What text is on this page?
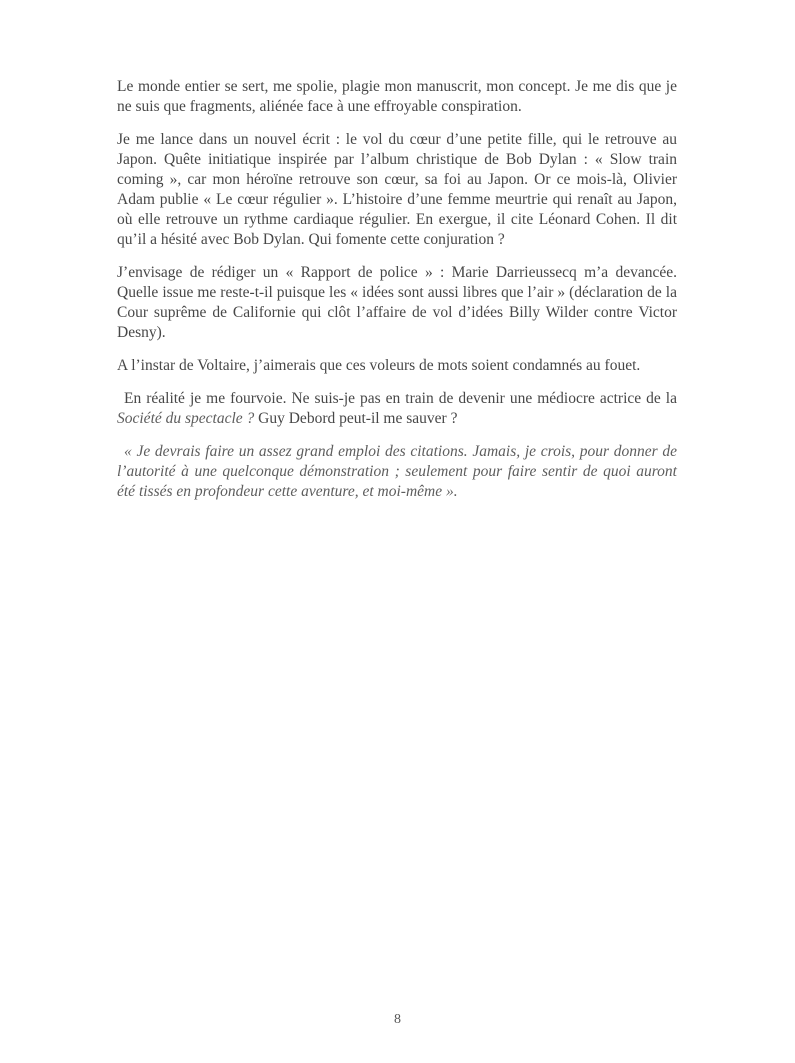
Le monde entier se sert, me spolie, plagie mon manuscrit, mon concept. Je me dis que je ne suis que fragments, aliénée face à une effroyable conspiration.

Je me lance dans un nouvel écrit : le vol du cœur d’une petite fille, qui le retrouve au Japon. Quête initiatique inspirée par l’album christique de Bob Dylan : « Slow train coming », car mon héroïne retrouve son cœur, sa foi au Japon. Or ce mois-là, Olivier Adam publie « Le cœur régulier ». L’histoire d’une femme meurtrie qui renaît au Japon, où elle retrouve un rythme cardiaque régulier. En exergue, il cite Léonard Cohen. Il dit qu’il a hésité avec Bob Dylan. Qui fomente cette conjuration ?

J’envisage de rédiger un « Rapport de police » : Marie Darrieussecq m’a devancée. Quelle issue me reste-t-il puisque les « idées sont aussi libres que l’air » (déclaration de la Cour suprême de Californie qui clôt l’affaire de vol d’idées Billy Wilder contre Victor Desny).

A l’instar de Voltaire, j’aimerais que ces voleurs de mots soient condamnés au fouet.

En réalité je me fourvoie. Ne suis-je pas en train de devenir une médiocre actrice de la Société du spectacle ? Guy Debord peut-il me sauver ?

« Je devrais faire un assez grand emploi des citations. Jamais, je crois, pour donner de l’autorité à une quelconque démonstration ; seulement pour faire sentir de quoi auront été tissés en profondeur cette aventure, et moi-même ».

8
